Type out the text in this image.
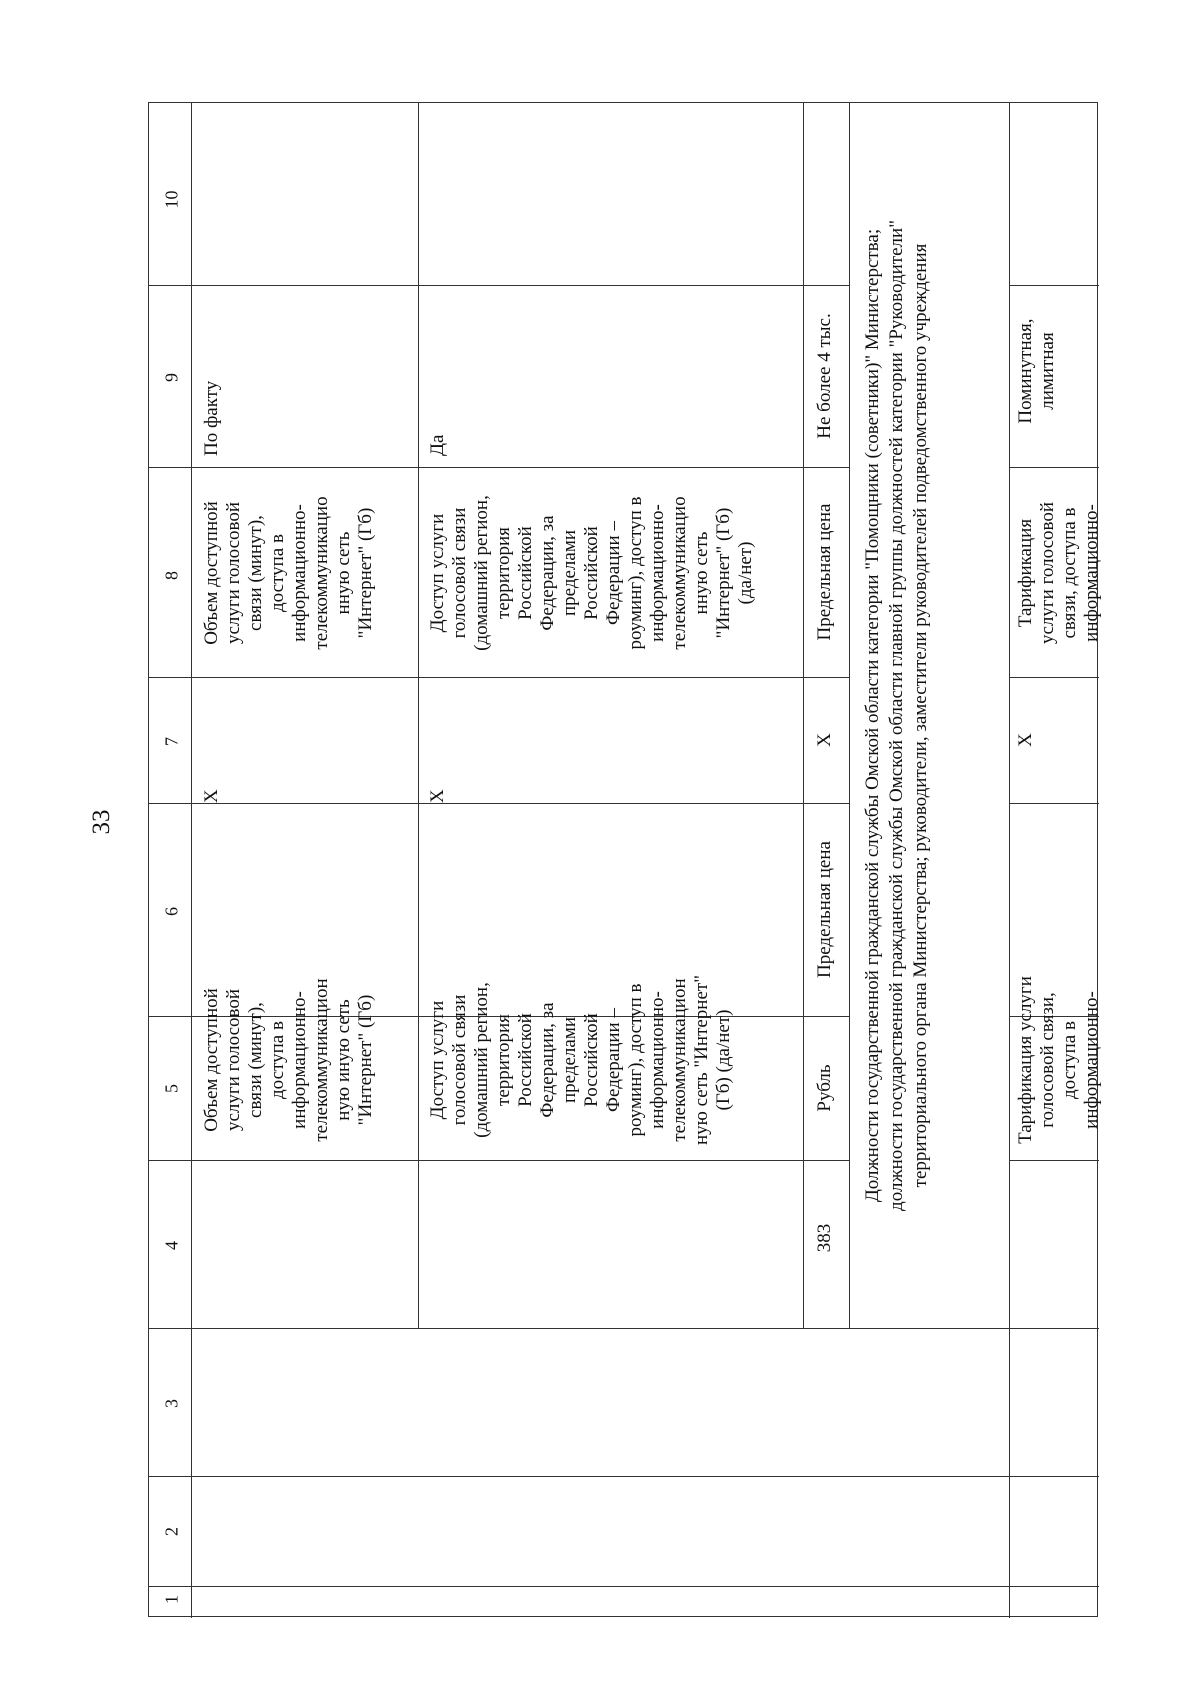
33
1
2
3
4
5
6
7
8
9
10
Объем доступной
услуги голосовой
связи (минут),
доступа в
информационно-
телекоммуникацион
ную иную сеть
"Интернет" (Гб)
Х
Объем доступной
услуги голосовой
связи (минут),
доступа в
информационно-
телекоммуникацио
нную сеть
"Интернет" (Гб)
По факту
Доступ услуги
голосовой связи
(домашний регион,
территория
Российской
Федерации, за
пределами
Российской
Федерации –
роуминг), доступ в
информационно-
телекоммуникацион
ную сеть "Интернет"
(Гб) (да/нет)
Х
Доступ услуги
голосовой связи
(домашний регион,
территория
Российской
Федерации, за
пределами
Российской
Федерации –
роуминг), доступ в
информационно-
телекоммуникацио
нную сеть
"Интернет" (Гб)
(да/нет)
Да
383
Рубль
Предельная цена
Х
Предельная цена
Не более 4 тыс.
Должности государственной гражданской службы Омской области категории "Помощники (советники)" Министерства;
должности государственной гражданской службы Омской области главной группы должностей категории "Руководители"
территориального органа Министерства; руководители, заместители руководителей подведомственного учреждения
Тарификация услуги
голосовой связи,
доступа в
информационно-
Х
Тарификация
услуги голосовой
связи, доступа в
информационно-
Поминутная,
лимитная
